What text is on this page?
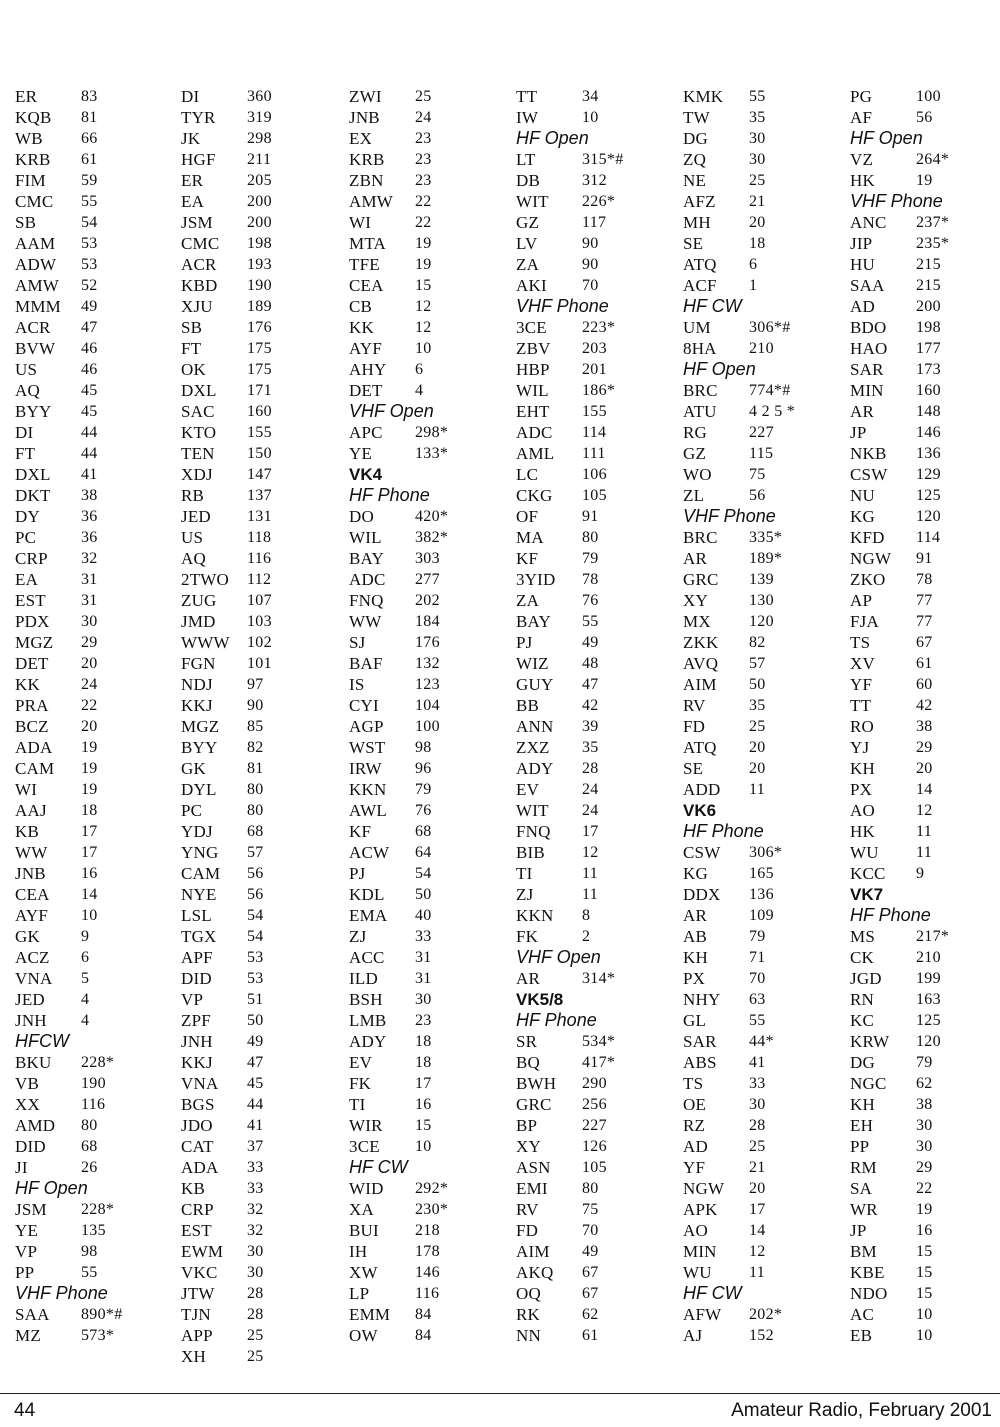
ER	83
KQB 81
WB 66
KRB 61
FIM 59
CMC 55
SB	54
AAM 53
ADW 53
AMW 52
MMM 49
ACR 47
BVW 46
US	46
AQ	45
BYY 45
DI	44
FT	44
DXL 41
DKT 38
DY	36
PC	36
CRP 32
EA	31
EST 31
PDX 30
MGZ 29
DET 20
KK	24
PRA 22
BCZ 20
ADA 19
CAM 19
WI	19
AAJ 18
KB	17
WW 17
JNB 16
CEA 14
AYF 10
GK	9
ACZ 6
VNA 5
JED 4
JNH 4
HFCW
BKU 228*
VB	190
XX	116
AMD 80
DID 68
JI	26
HF Open
JSM 228*
YE	135
VP	98
PP	55
VHF Phone
SAA 890*#
MZ	573*
DI	360
TYR 319
JK	298
HGF 211
ER	205
EA	200
JSM 200
CMC 198
ACR 193
KBD 190
XJU 189
SB	176
FT	175
OK	175
DXL 171
SAC 160
KTO 155
TEN 150
XDJ 147
RB	137
JED 131
US	118
AQ	116
2TWO 112
ZUG 107
JMD 103
WWW 102
FGN 101
NDJ 97
KKJ 90
MGZ 85
BYY 82
GK	81
DYL 80
PC	80
YDJ 68
YNG 57
CAM 56
NYE 56
LSL 54
TGX 54
APF 53
DID 53
VP	51
ZPF 50
JNH 49
KKJ 47
VNA 45
BGS 44
JDO 41
CAT 37
ADA 33
KB	33
CRP 32
EST 32
EWM 30
VKC 30
JTW 28
TJN 28
APP 25
XH	25
ZWI 25
JNB 24
EX	23
KRB 23
ZBN 23
AMW 22
WI	22
MTA 19
TFE 19
CEA 15
CB	12
KK	12
AYF 10
AHY 6
DET 4
VHF Open
APC 298*
YE	133*
VK4
HF Phone
DO	420*
WIL 382*
BAY 303
ADC 277
FNQ 202
WW 184
SJ	176
BAF 132
IS	123
CYI 104
AGP 100
WST 98
IRW 96
KKN 79
AWL 76
KF	68
ACW 64
PJ	54
KDL 50
EMA 40
ZJ	33
ACC 31
ILD 31
BSH 30
LMB 23
ADY 18
EV	18
FK	17
TI	16
WIR 15
3CE 10
HF CW
WID 292*
XA	230*
BUI 218
IH	178
XW 146
LP	116
EMM 84
OW 84
TT	34
IW	10
HF Open
LT	315*#
DB	312
WIT 226*
GZ	117
LV	90
ZA	90
AKI 70
VHF Phone
3CE 223*
ZBV 203
HBP 201
WIL 186*
EHT 155
ADC 114
AML 111
LC	106
CKG 105
OF	91
MA 80
KF	79
3YID 78
ZA	76
BAY 55
PJ	49
WIZ 48
GUY 47
BB	42
ANN 39
ZXZ 35
ADY 28
EV	24
WIT 24
FNQ 17
BIB 12
TI	11
ZJ	11
KKN 8
FK	2
VHF Open
AR	314*
VK5/8
HF Phone
SR	534*
BQ	417*
BWH 290
GRC 256
BP	227
XY	126
ASN 105
EMI 80
RV	75
FD	70
AIM 49
AKQ 67
OQ	67
RK	62
NN	61
KMK 55
TW 35
DG	30
ZQ	30
NE	25
AFZ 21
MH 20
SE	18
ATQ 6
ACF 1
HF CW
UM 306*#
8HA 210
HF Open
BRC 774*#
ATU 4 2 5 *
RG	227
GZ	115
WO 75
ZL	56
VHF Phone
BRC 335*
AR	189*
GRC 139
XY	130
MX 120
ZKK 82
AVQ 57
AIM 50
RV	35
FD	25
ATQ 20
SE	20
ADD 11
VK6
HF Phone
CSW 306*
KG	165
DDX 136
AR	109
AB	79
KH	71
PX	70
NHY 63
GL	55
SAR 44*
ABS 41
TS	33
OE	30
RZ	28
AD	25
YF	21
NGW 20
APK 17
AO	14
MIN 12
WU 11
HF CW
AFW 202*
AJ	152
PG	100
AF	56
HF Open
VZ	264*
HK	19
VHF Phone
ANC 237*
JIP	235*
HU	215
SAA 215
AD	200
BDO 198
HAO 177
SAR 173
MIN 160
AR	148
JP	146
NKB 136
CSW 129
NU	125
KG	120
KFD 114
NGW 91
ZKO 78
AP	77
FJA 77
TS	67
XV	61
YF	60
TT	42
RO	38
YJ	29
KH	20
PX	14
AO	12
HK	11
WU 11
KCC 9
VK7
HF Phone
MS	217*
CK	210
JGD 199
RN	163
KC	125
KRW 120
DG	79
NGC 62
KH	38
EH	30
PP	30
RM 29
SA	22
WR 19
JP	16
BM 15
KBE 15
NDO 15
AC	10
EB	10
44	Amateur Radio, February 2001
